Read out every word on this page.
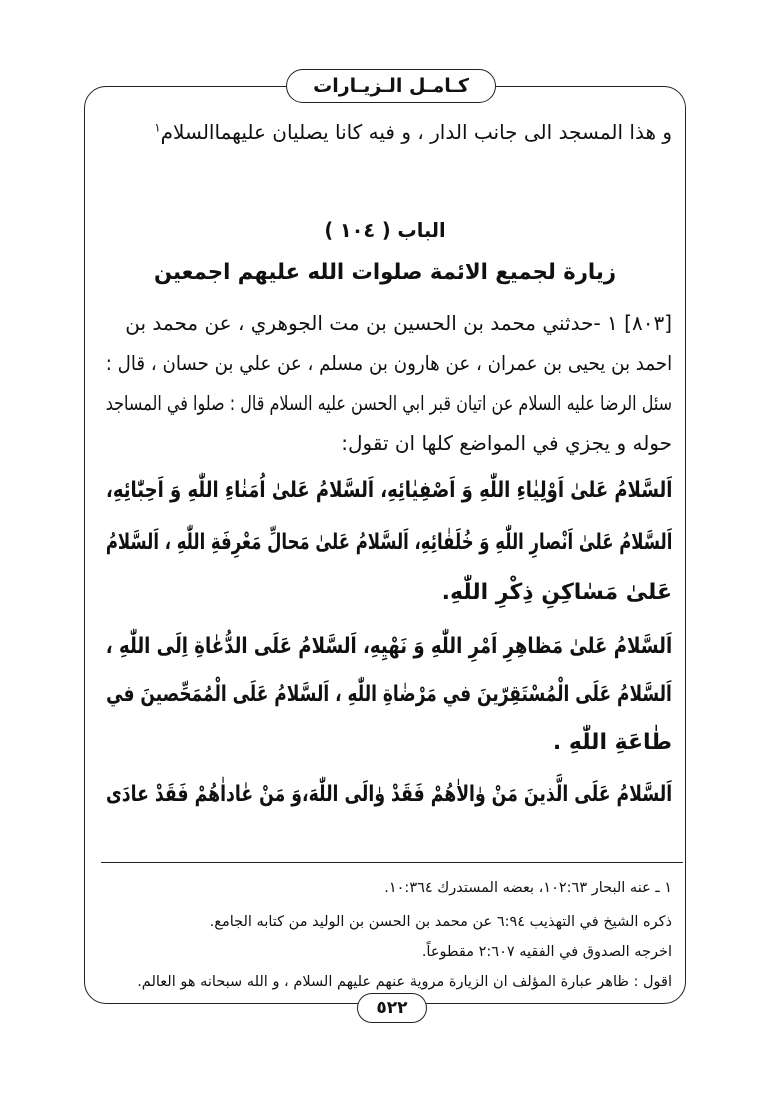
كـامـل الـزيـارات
و هذا المسجد الى جانب الدار ، و فيه كانا يصليان عليهماالسلام$^١$
الباب ( ١٠٤ )
زيارة لجميع الائمة صلوات الله عليهم اجمعين
[٨٠٣] ١ -حدثني محمد بن الحسين بن مت الجوهري ، عن محمد بن
احمد بن يحيى بن عمران ، عن هارون بن مسلم ، عن علي بن حسان ، قال :
سئل الرضا عليه السلام عن اتيان قبر ابي الحسن عليه السلام قال : صلوا في المساجد
حوله و يجزي في المواضع كلها ان تقول:
اَلسَّلامُ عَلىٰ اَوْلِيٰاءِ اللّٰهِ وَ اَصْفِيٰائِهِ، اَلسَّلامُ عَلىٰ اُمَنٰاءِ اللّٰهِ وَ اَحِبّٰائِهِ،
اَلسَّلامُ عَلىٰ اَنْصارِ اللّٰهِ وَ خُلَفٰائِهِ، اَلسَّلامُ عَلىٰ مَحالِّ مَعْرِفَةِ اللّٰهِ ، اَلسَّلامُ
عَلىٰ مَسٰاكِنِ ذِكْرِ اللّٰهِ.
اَلسَّلامُ عَلىٰ مَظاهِرِ اَمْرِ اللّٰهِ وَ نَهْيِهِ، اَلسَّلامُ عَلَى الدُّعٰاةِ اِلَى اللّٰهِ ،
اَلسَّلامُ عَلَى الْمُسْتَقِرّينَ في مَرْضٰاةِ اللّٰهِ ، اَلسَّلامُ عَلَى الْمُمَحِّصينَ في
طٰاعَةِ اللّٰهِ .
اَلسَّلامُ عَلَى الَّذينَ مَنْ وٰالاٰهُمْ فَقَدْ وٰالَى اللّٰهَ،وَ مَنْ عٰاداٰهُمْ فَقَدْ عادَى
١ ـ عنه البحار ١٠٢:٦٣، بعضه المستدرك ١٠:٣٦٤.
ذكره الشيخ في التهذيب ٦:٩٤ عن محمد بن الحسن بن الوليد من كتابه الجامع.
اخرجه الصدوق في الفقيه ٢:٦٠٧ مقطوعاً.
اقول : ظاهر عبارة المؤلف ان الزيارة مروية عنهم عليهم السلام ، و الله سبحانه هو العالم.
٥٢٢
